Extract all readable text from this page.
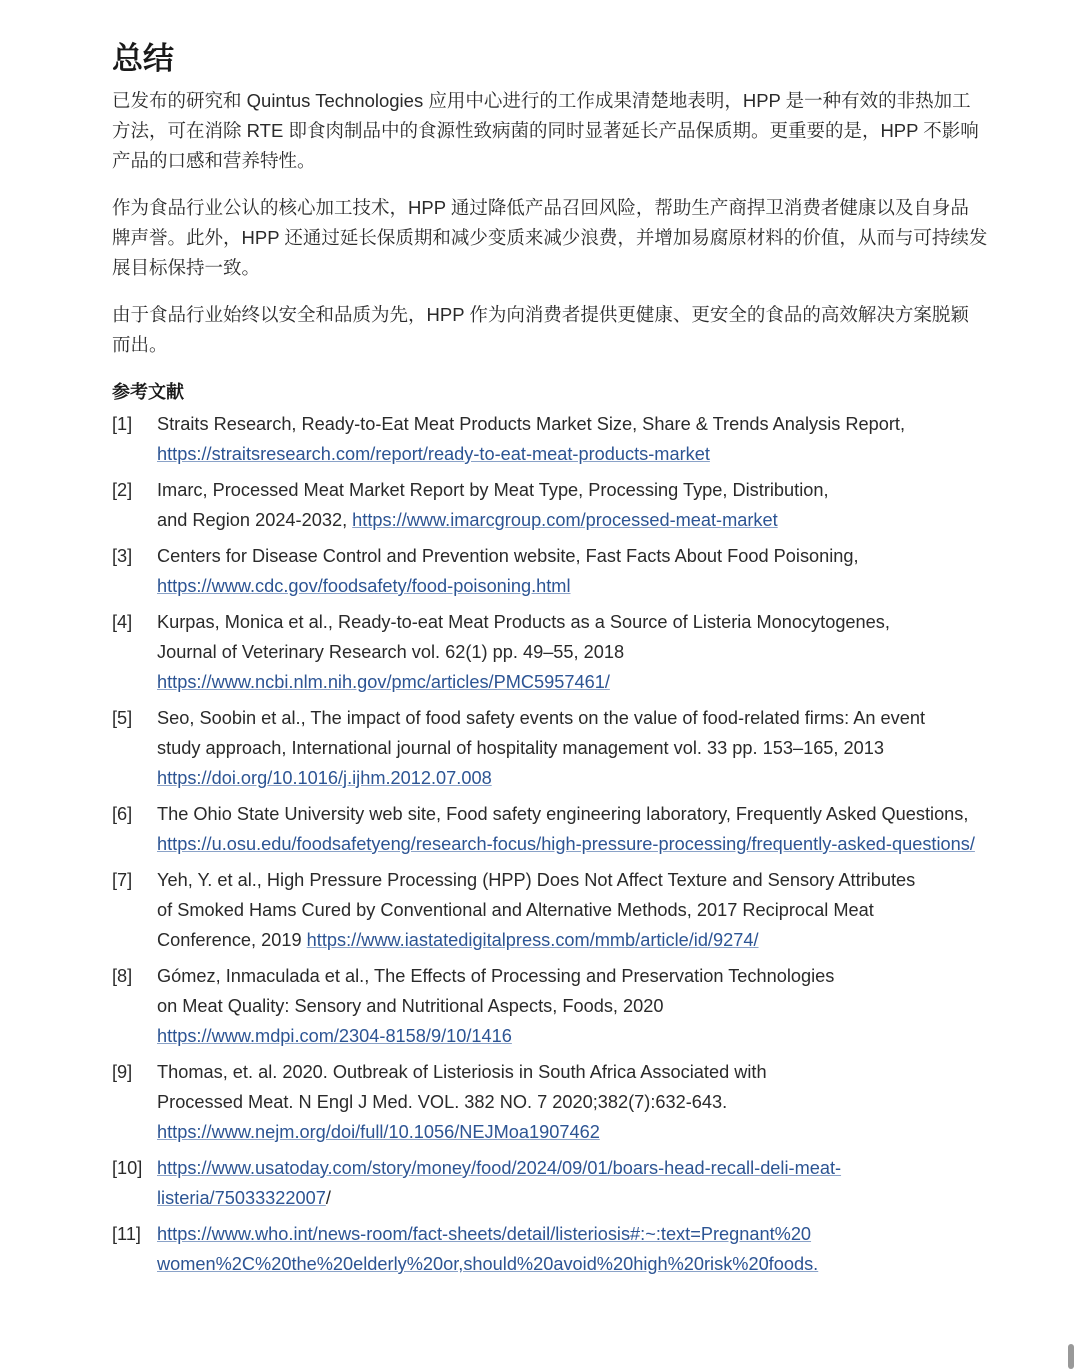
总结

已发布的研究和 Quintus Technologies 应用中心进行的工作成果清楚地表明，HPP 是一种有效的非热加工
方法，可在消除 RTE 即食肉制品中的食源性致病菌的同时显著延长产品保质期。更重要的是，HPP 不影响
产品的口感和营养特性。

作为食品行业公认的核心加工技术，HPP 通过降低产品召回风险，帮助生产商捍卫消费者健康以及自身品
牌声誉。此外，HPP 还通过延长保质期和减少变质来减少浪费，并增加易腐原材料的价值，从而与可持续发
展目标保持一致。

由于食品行业始终以安全和品质为先，HPP 作为向消费者提供更健康、更安全的食品的高效解决方案脱颖
而出。

参考文献
[1]	Straits Research, Ready-to-Eat Meat Products Market Size, Share & Trends Analysis Report,
https://straitsresearch.com/report/ready-to-eat-meat-products-market
[2]	Imarc, Processed Meat Market Report by Meat Type, Processing Type, Distribution,
and Region 2024-2032, https://www.imarcgroup.com/processed-meat-market
[3]	Centers for Disease Control and Prevention website, Fast Facts About Food Poisoning,
https://www.cdc.gov/foodsafety/food-poisoning.html
[4]	Kurpas, Monica et al., Ready-to-eat Meat Products as a Source of Listeria Monocytogenes,
Journal of Veterinary Research vol. 62(1) pp. 49–55, 2018
https://www.ncbi.nlm.nih.gov/pmc/articles/PMC5957461/
[5]	Seo, Soobin et al., The impact of food safety events on the value of food-related firms: An event
study approach, International journal of hospitality management vol. 33 pp. 153–165, 2013
https://doi.org/10.1016/j.ijhm.2012.07.008
[6]	The Ohio State University web site, Food safety engineering laboratory, Frequently Asked Questions,
https://u.osu.edu/foodsafetyeng/research-focus/high-pressure-processing/frequently-asked-questions/
[7]	Yeh, Y. et al., High Pressure Processing (HPP) Does Not Affect Texture and Sensory Attributes
of Smoked Hams Cured by Conventional and Alternative Methods, 2017 Reciprocal Meat
Conference, 2019 https://www.iastatedigitalpress.com/mmb/article/id/9274/
[8]	Gómez, Inmaculada et al., The Effects of Processing and Preservation Technologies
on Meat Quality: Sensory and Nutritional Aspects, Foods, 2020
https://www.mdpi.com/2304-8158/9/10/1416
[9]	Thomas, et. al. 2020. Outbreak of Listeriosis in South Africa Associated with
Processed Meat. N Engl J Med. VOL. 382 NO. 7 2020;382(7):632-643.
https://www.nejm.org/doi/full/10.1056/NEJMoa1907462
[10] https://www.usatoday.com/story/money/food/2024/09/01/boars-head-recall-deli-meat-
listeria/75033322007/
[11] https://www.who.int/news-room/fact-sheets/detail/listeriosis#:~:text=Pregnant%20
women%2C%20the%20elderly%20or,should%20avoid%20high%20risk%20foods.
